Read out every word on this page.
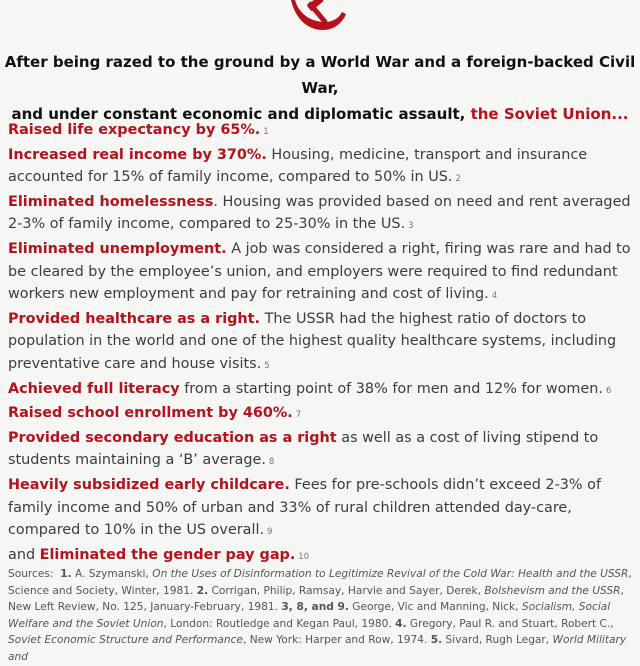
After being razed to the ground by a World War and a foreign-backed Civil War,
and under constant economic and diplomatic assault, the Soviet Union...

Raised life expectancy by 65%. 1

Increased real income by 370%. Housing, medicine, transport and insurance accounted for 15% of family income, compared to 50% in US. 2

Eliminated homelessness. Housing was provided based on need and rent averaged 2-3% of family income, compared to 25-30% in the US. 3

Eliminated unemployment. A job was considered a right, firing was rare and had to be cleared by the employee’s union, and employers were required to find redundant workers new employment and pay for retraining and cost of living. 4

Provided healthcare as a right. The USSR had the highest ratio of doctors to population in the world and one of the highest quality healthcare systems, including preventative care and house visits. 5

Achieved full literacy from a starting point of 38% for men and 12% for women. 6

Raised school enrollment by 460%. 7

Provided secondary education as a right as well as a cost of living stipend to students maintaining a ‘B’ average. 8

Heavily subsidized early childcare. Fees for pre-schools didn’t exceed 2-3% of family income and 50% of urban and 33% of rural children attended day-care, compared to 10% in the US overall. 9

and Eliminated the gender pay gap. 10

Sources: 1. A. Szymanski, On the Uses of Disinformation to Legitimize Revival of the Cold War: Health and the USSR, Science and Society, Winter, 1981. 2. Corrigan, Philip, Ramsay, Harvie and Sayer, Derek, Bolshevism and the USSR, New Left Review, No. 125, January-February, 1981. 3, 8, and 9. George, Vic and Manning, Nick, Socialism, Social Welfare and the Soviet Union, London: Routledge and Kegan Paul, 1980. 4. Gregory, Paul R. and Stuart, Robert C., Soviet Economic Structure and Performance, New York: Harper and Row, 1974. 5. Sivard, Rugh Legar, World Military and
